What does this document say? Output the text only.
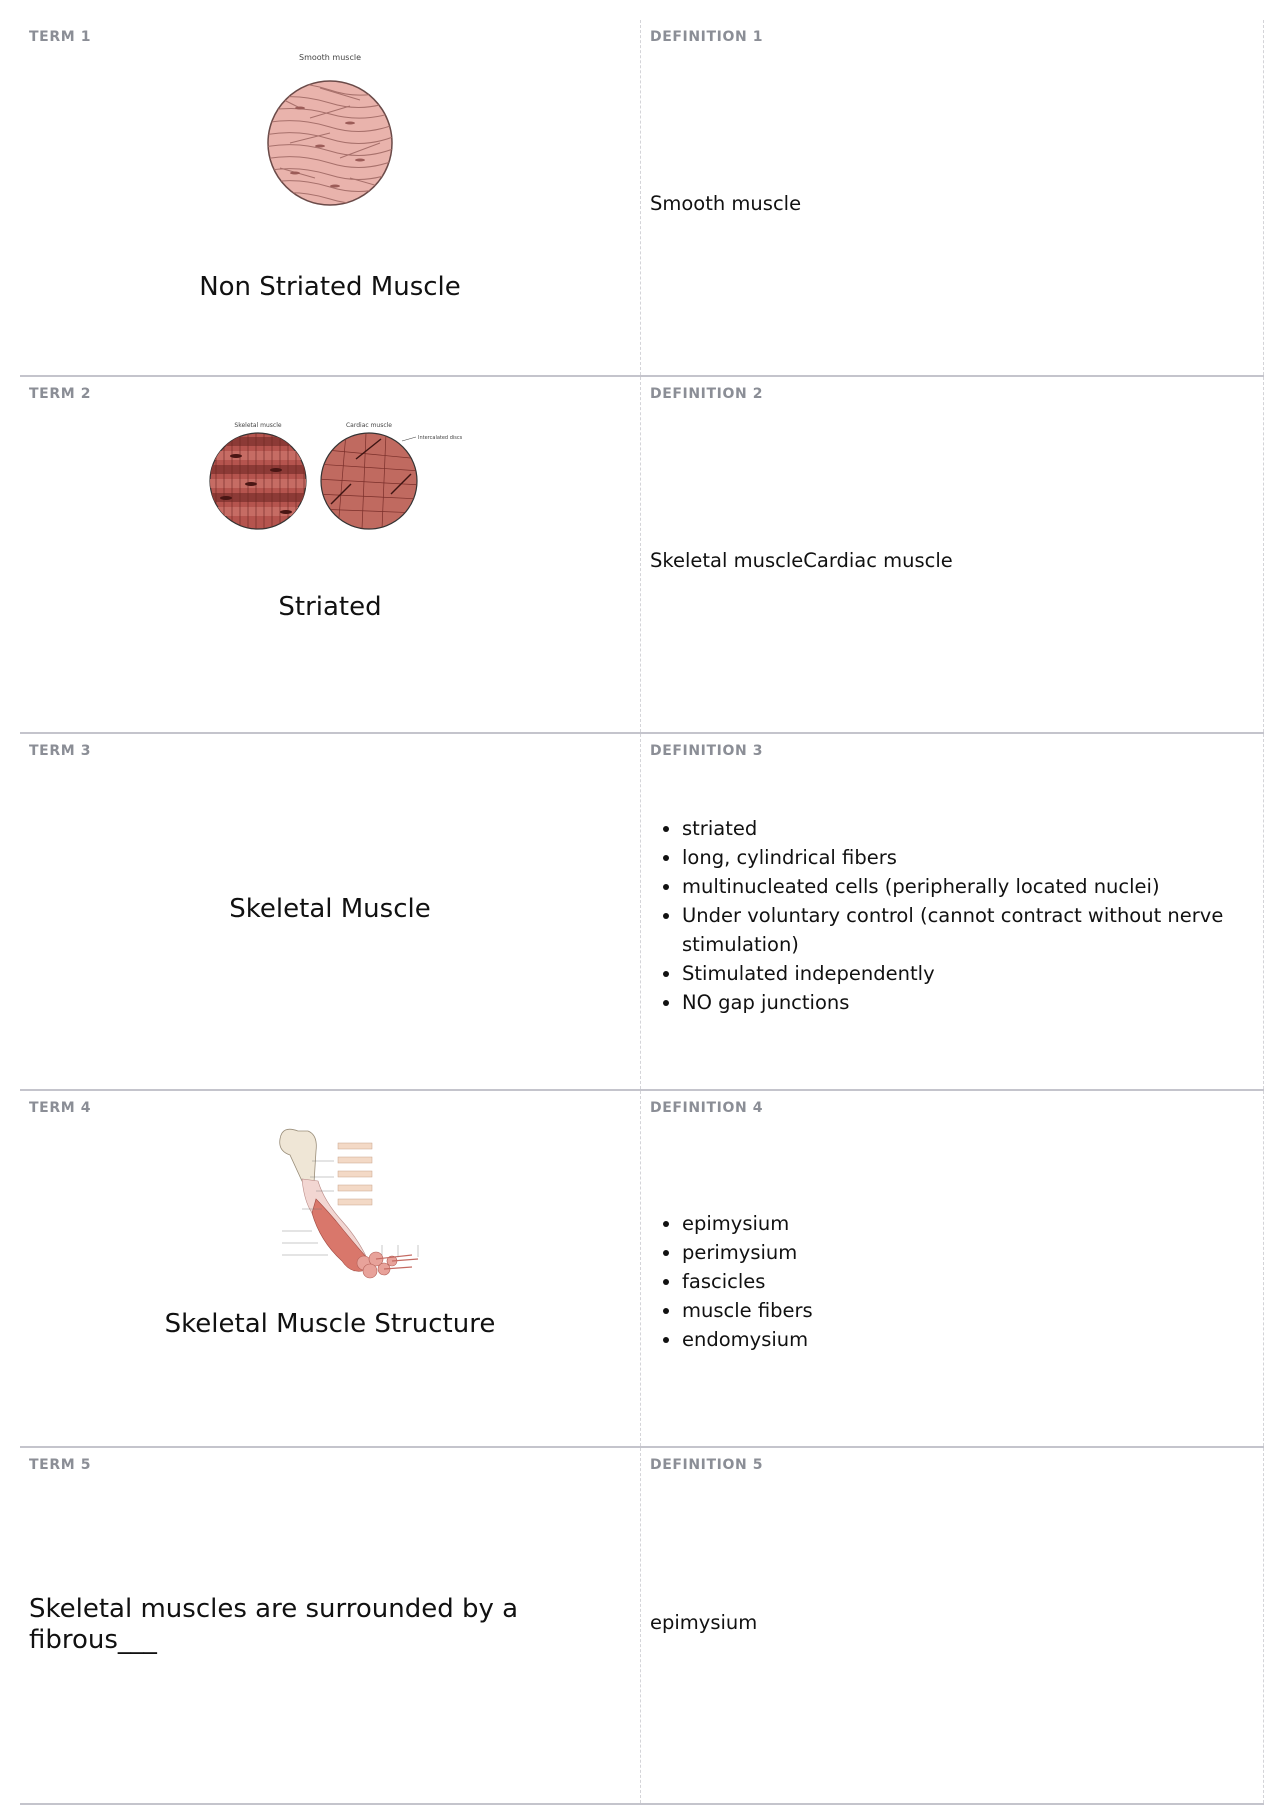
TERM 1
Smooth muscle
Non Striated Muscle
DEFINITION 1
Smooth muscle
TERM 2
Skeletal muscle	Cardiac muscle
Intercalated discs
Striated
DEFINITION 2
Skeletal muscleCardiac muscle
TERM 3
Skeletal Muscle
DEFINITION 3
• striated
• long, cylindrical fibers
• multinucleated cells (peripherally located nuclei)
• Under voluntary control (cannot contract without nerve stimulation)
• Stimulated independently
• NO gap junctions
TERM 4
Skeletal Muscle Structure
DEFINITION 4
• epimysium
• perimysium
• fascicles
• muscle fibers
• endomysium
TERM 5
Skeletal muscles are surrounded by a fibrous___
DEFINITION 5
epimysium
